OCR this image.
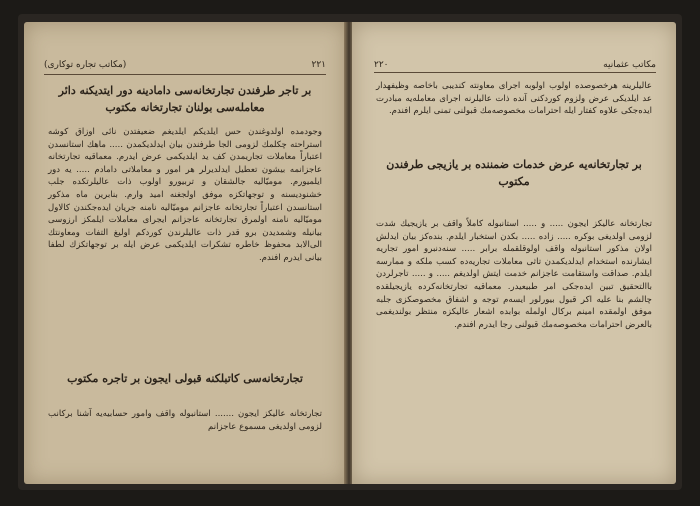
٢٢١
(مكاتب تجاره توكارى)
بر تاجر طرفندن تجارتخانه‌سى دامادينه دور ايتديكنه دائر معامله‌سى بولنان تجارتخانه مكتوب
وجودمده اولدوغندن حس ايلديكم ايلديغم ضعيفتدن نائى اوزاق كوشه استراحته چكلمك لزومى الجا طرفندن بيان ايدلديكمدن ..... ماهك استانسدن اعتباراً معاملات تجاريمدن كف يد ايلديكمى عرض ايدرم. معماقيه تجارتخانه عاجزانمه بيشون تعطيل ايدلديرلر هر امور و معاملاتى دامادم ..... يه دور ايلميورم. موميّاليه جالشقان و تربيورو اولوب ذات عاليلرتكده جلب خشنوديسنه و توجهاتكزه موفق اولجغنه اميد وارم. بنابرين ماه مذكور استانسدن اعتباراً تجارتخانه عاجزانم موميّاليه نامنه جريان ايده‌جكندن كالاول موميّاليه نامنه اولمرق تجارتخانه عاجزانم ايجراى معاملات ايلمكز ارزوسى بيانيله وشمديدن برو قدر ذات عاليلرندن كوردكم اوليغ التفات ومعاونتك الى‌الابد محفوظ خاطره تشكرات ايلديكمى عرض ايله بر توجهاتكزك لطفا بيانى ايدرم افندم.
تجارتخانه‌سى كاتبلكنه قبولى ايجون بر تاجره مكتوب
تجارتخانه عاليكز ايجون ....... استانبوله واقف وامور حسابيه‌يه آشنا بركانب لزومى اولديغى مسموع عاجزانم
مكاتب عثمانيه
٢٢٠
عاليلرينه هرخصوصده اولوب اولوبه اجراى معاونته كنديبى باخاصه وظيفهدار عد ايلديكى عرض ولزوم كوردكنى آنده ذات عاليلرنه اجراى معامله‌يه مبادرت ايده‌جكى علاوه كفتار ايله احترامات مخصوصه‌مك قبولنى تمنى ايلرم افندم.
بر تجارتخانه‌يه عرض خدمات ضمننده بر يازيجى طرفندن مكتوب
تجارتخانه عاليكز ايجون ..... و ..... استانبوله كاملاً واقف بر يازيجيك شدت لزومى اولديغى بوكره ..... زاده ..... بكدن استخبار ايلدم. بنده‌كز بيان ايدلش اولان مذكور استانبوله واقف اولوقلقمله برابر ..... سنه‌دنبرو امور تجاريه ايشارنده استخدام ايدلديكمدن تاثى معاملات تجاريه‌ده كسب ملكه و ممارسه ايلدم. صداقت واستقامت عاجزانم خدمت ايتش اولديغم ..... و ..... تاجرلردن باالتحقيق تبين ايده‌جكى امر طبيعيدر. معماقيه تجارتخانه‌كرده يازيجيلقده چالشم بنا عليه اكر قبول بيورلور ايسه‌م توجه و اشفاق مخصوصكزى جلبه موفق اولمقده امينم بركال اولمله بوابده اشعار عاليكزه منتظر بولنديغمى بالعرض احترامات مخصوصه‌مك قبولنى رجا ايدرم افندم.
